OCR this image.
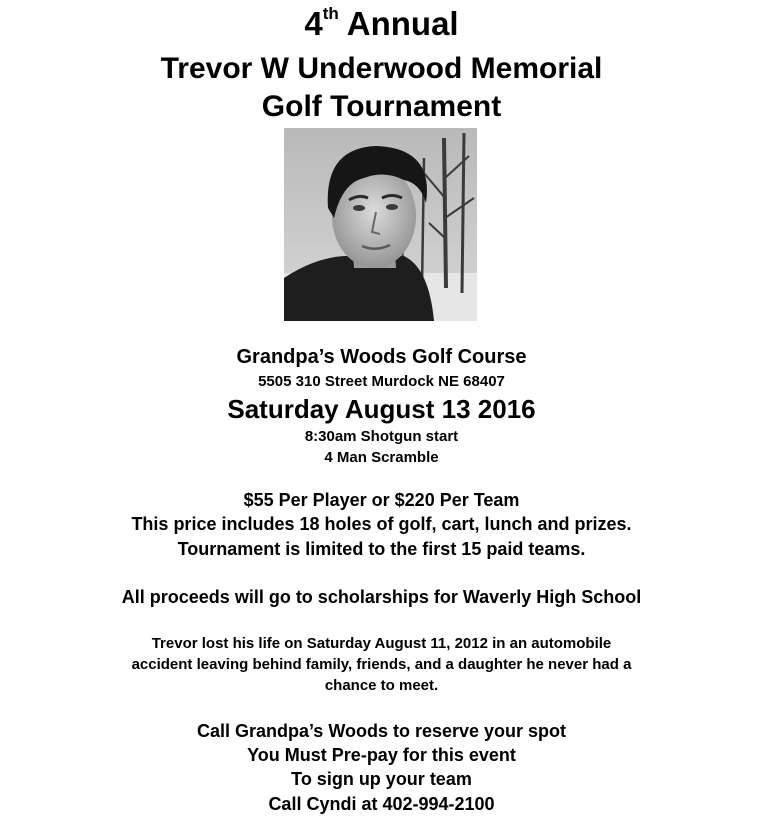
4th Annual
Trevor W Underwood Memorial
Golf Tournament
Grandpa’s Woods Golf Course
5505 310 Street Murdock NE 68407
Saturday August 13 2016
8:30am Shotgun start
4 Man Scramble
$55 Per Player or $220 Per Team
This price includes 18 holes of golf, cart, lunch and prizes.
Tournament is limited to the first 15 paid teams.
All proceeds will go to scholarships for Waverly High School
Trevor lost his life on Saturday August 11, 2012 in an automobile
accident leaving behind family, friends, and a daughter he never had a
chance to meet.
Call Grandpa’s Woods to reserve your spot
You Must Pre-pay for this event
To sign up your team
Call Cyndi at 402-994-2100
